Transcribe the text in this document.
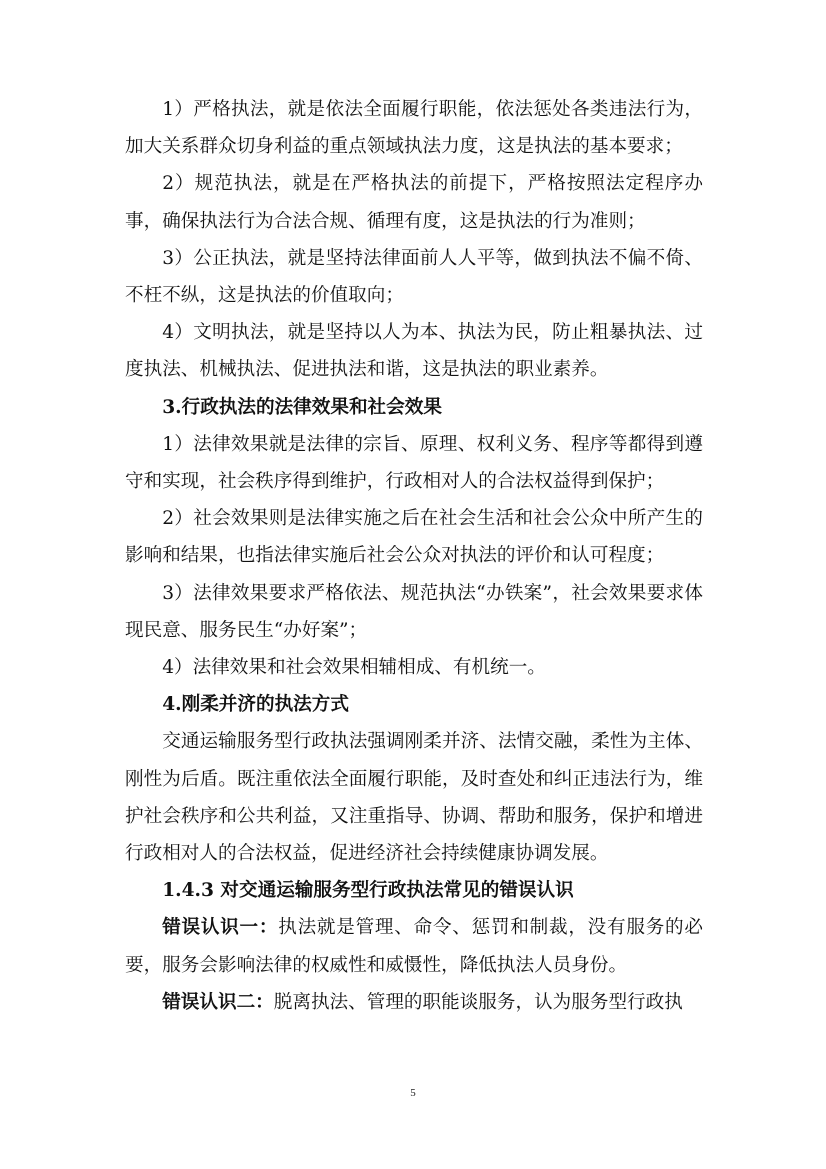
1）严格执法，就是依法全面履行职能，依法惩处各类违法行为，加大关系群众切身利益的重点领域执法力度，这是执法的基本要求；

2）规范执法，就是在严格执法的前提下，严格按照法定程序办事，确保执法行为合法合规、循理有度，这是执法的行为准则；

3）公正执法，就是坚持法律面前人人平等，做到执法不偏不倚、不枉不纵，这是执法的价值取向；

4）文明执法，就是坚持以人为本、执法为民，防止粗暴执法、过度执法、机械执法、促进执法和谐，这是执法的职业素养。

3.行政执法的法律效果和社会效果

1）法律效果就是法律的宗旨、原理、权利义务、程序等都得到遵守和实现，社会秩序得到维护，行政相对人的合法权益得到保护；

2）社会效果则是法律实施之后在社会生活和社会公众中所产生的影响和结果，也指法律实施后社会公众对执法的评价和认可程度；

3）法律效果要求严格依法、规范执法“办铁案”，社会效果要求体现民意、服务民生“办好案”；

4）法律效果和社会效果相辅相成、有机统一。

4.刚柔并济的执法方式

交通运输服务型行政执法强调刚柔并济、法情交融，柔性为主体、刚性为后盾。既注重依法全面履行职能，及时查处和纠正违法行为，维护社会秩序和公共利益，又注重指导、协调、帮助和服务，保护和增进行政相对人的合法权益，促进经济社会持续健康协调发展。

1.4.3 对交通运输服务型行政执法常见的错误认识

错误认识一：执法就是管理、命令、惩罚和制裁，没有服务的必要，服务会影响法律的权威性和威慑性，降低执法人员身份。

错误认识二：脱离执法、管理的职能谈服务，认为服务型行政执

5
